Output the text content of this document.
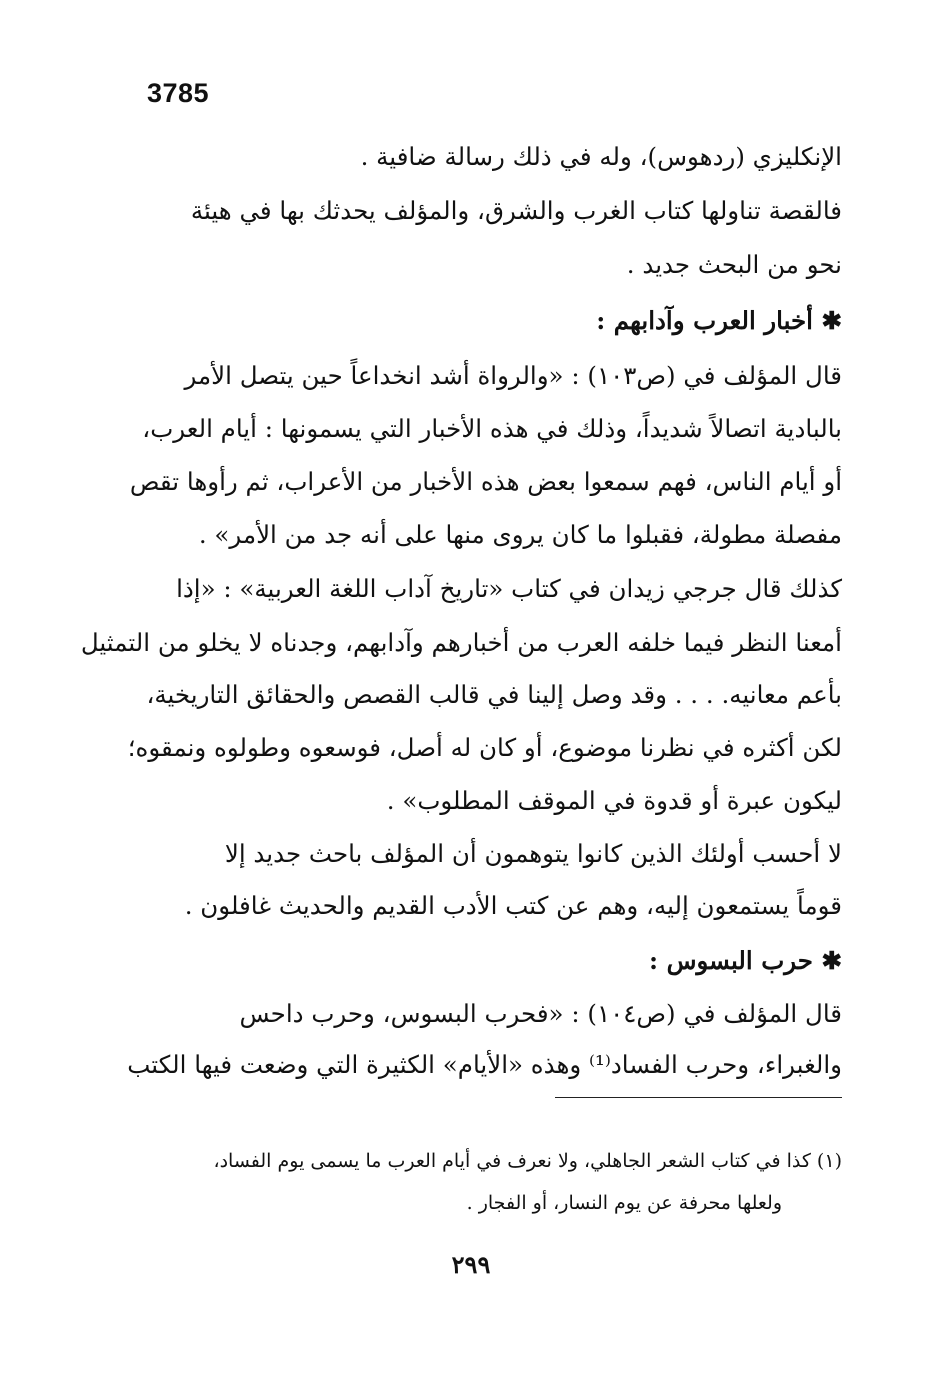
3785
الإنكليزي (ردهوس)، وله في ذلك رسالة ضافية .
فالقصة تناولها كتاب الغرب والشرق، والمؤلف يحدثك بها في هيئة
نحو من البحث جديد .
✱ أخبار العرب وآدابهم :
قال المؤلف في (ص١٠٣) : «والرواة أشد انخداعاً حين يتصل الأمر
بالبادية اتصالاً شديداً، وذلك في هذه الأخبار التي يسمونها : أيام العرب،
أو أيام الناس، فهم سمعوا بعض هذه الأخبار من الأعراب، ثم رأوها تقص
مفصلة مطولة، فقبلوا ما كان يروى منها على أنه جد من الأمر» .
كذلك قال جرجي زيدان في كتاب «تاريخ آداب اللغة العربية» : «إذا
أمعنا النظر فيما خلفه العرب من أخبارهم وآدابهم، وجدناه لا يخلو من التمثيل
بأعم معانيه. . . . وقد وصل إلينا في قالب القصص والحقائق التاريخية،
لكن أكثره في نظرنا موضوع، أو كان له أصل، فوسعوه وطولوه ونمقوه؛
ليكون عبرة أو قدوة في الموقف المطلوب» .
لا أحسب أولئك الذين كانوا يتوهمون أن المؤلف باحث جديد إلا
قوماً يستمعون إليه، وهم عن كتب الأدب القديم والحديث غافلون .
✱ حرب البسوس :
قال المؤلف في (ص١٠٤) : «فحرب البسوس، وحرب داحس
والغبراء، وحرب الفساد⁽¹⁾ وهذه «الأيام» الكثيرة التي وضعت فيها الكتب
(١) كذا في كتاب الشعر الجاهلي، ولا نعرف في أيام العرب ما يسمى يوم الفساد،
ولعلها محرفة عن يوم النسار، أو الفجار .
٢٩٩
